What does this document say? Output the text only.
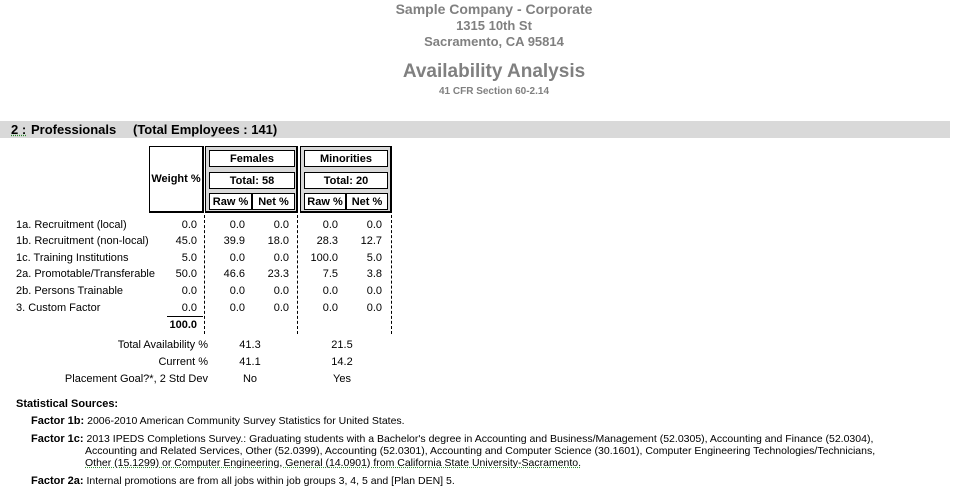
Sample Company - Corporate
1315 10th St
Sacramento, CA 95814
Availability Analysis
41 CFR Section 60-2.14
2 : Professionals (Total Employees : 141)
Weight %
Females
Total: 58
Raw % Net %
Minorities
Total: 20
Raw % Net %
1a. Recruitment (local)	0.0	0.0	0.0	0.0	0.0
1b. Recruitment (non-local)	45.0	39.9	18.0	28.3	12.7
1c. Training Institutions	5.0	0.0	0.0	100.0	5.0
2a. Promotable/Transferable	50.0	46.6	23.3	7.5	3.8
2b. Persons Trainable	0.0	0.0	0.0	0.0	0.0
3. Custom Factor	0.0	0.0	0.0	0.0	0.0
100.0
Total Availability %	41.3	21.5
Current %	41.1	14.2
Placement Goal?*, 2 Std Dev	No	Yes
Statistical Sources:
Factor 1b: 2006-2010 American Community Survey Statistics for United States.
Factor 1c: 2013 IPEDS Completions Survey.: Graduating students with a Bachelor's degree in Accounting and Business/Management (52.0305), Accounting and Finance (52.0304),
Accounting and Related Services, Other (52.0399), Accounting (52.0301), Accounting and Computer Science (30.1601), Computer Engineering Technologies/Technicians,
Other (15.1299) or Computer Engineering, General (14.0901) from California State University-Sacramento.
Factor 2a: Internal promotions are from all jobs within job groups 3, 4, 5 and [Plan DEN] 5.
